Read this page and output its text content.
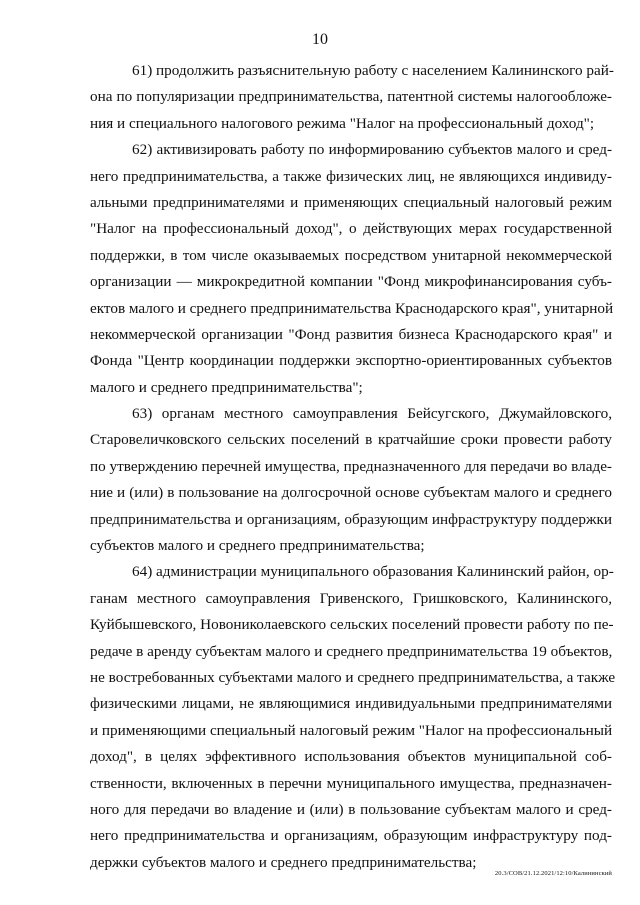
10
61) продолжить разъяснительную работу с населением Калининского рай-
она по популяризации предпринимательства, патентной системы налогообложе-
ния и специального налогового режима "Налог на профессиональный доход";
62) активизировать работу по информированию субъектов малого и сред-
него предпринимательства, а также физических лиц, не являющихся индивиду-
альными предпринимателями и применяющих специальный налоговый режим
"Налог на профессиональный доход", о действующих мерах государственной
поддержки, в том числе оказываемых посредством унитарной некоммерческой
организации — микрокредитной компании "Фонд микрофинансирования субъ-
ектов малого и среднего предпринимательства Краснодарского края", унитарной
некоммерческой организации "Фонд развития бизнеса Краснодарского края" и
Фонда "Центр координации поддержки экспортно-ориентированных субъектов
малого и среднего предпринимательства";
63) органам местного самоуправления Бейсугского, Джумайловского,
Старовеличковского сельских поселений в кратчайшие сроки провести работу
по утверждению перечней имущества, предназначенного для передачи во владе-
ние и (или) в пользование на долгосрочной основе субъектам малого и среднего
предпринимательства и организациям, образующим инфраструктуру поддержки
субъектов малого и среднего предпринимательства;
64) администрации муниципального образования Калининский район, ор-
ганам местного самоуправления Гривенского, Гришковского, Калининского,
Куйбышевского, Новониколаевского сельских поселений провести работу по пе-
редаче в аренду субъектам малого и среднего предпринимательства 19 объектов,
не востребованных субъектами малого и среднего предпринимательства, а также
физическими лицами, не являющимися индивидуальными предпринимателями
и применяющими специальный налоговый режим "Налог на профессиональный
доход", в целях эффективного использования объектов муниципальной соб-
ственности, включенных в перечни муниципального имущества, предназначен-
ного для передачи во владение и (или) в пользование субъектам малого и сред-
него предпринимательства и организациям, образующим инфраструктуру под-
держки субъектов малого и среднего предпринимательства;
20.3/СОВ/21.12.2021/12:10/Калининский
